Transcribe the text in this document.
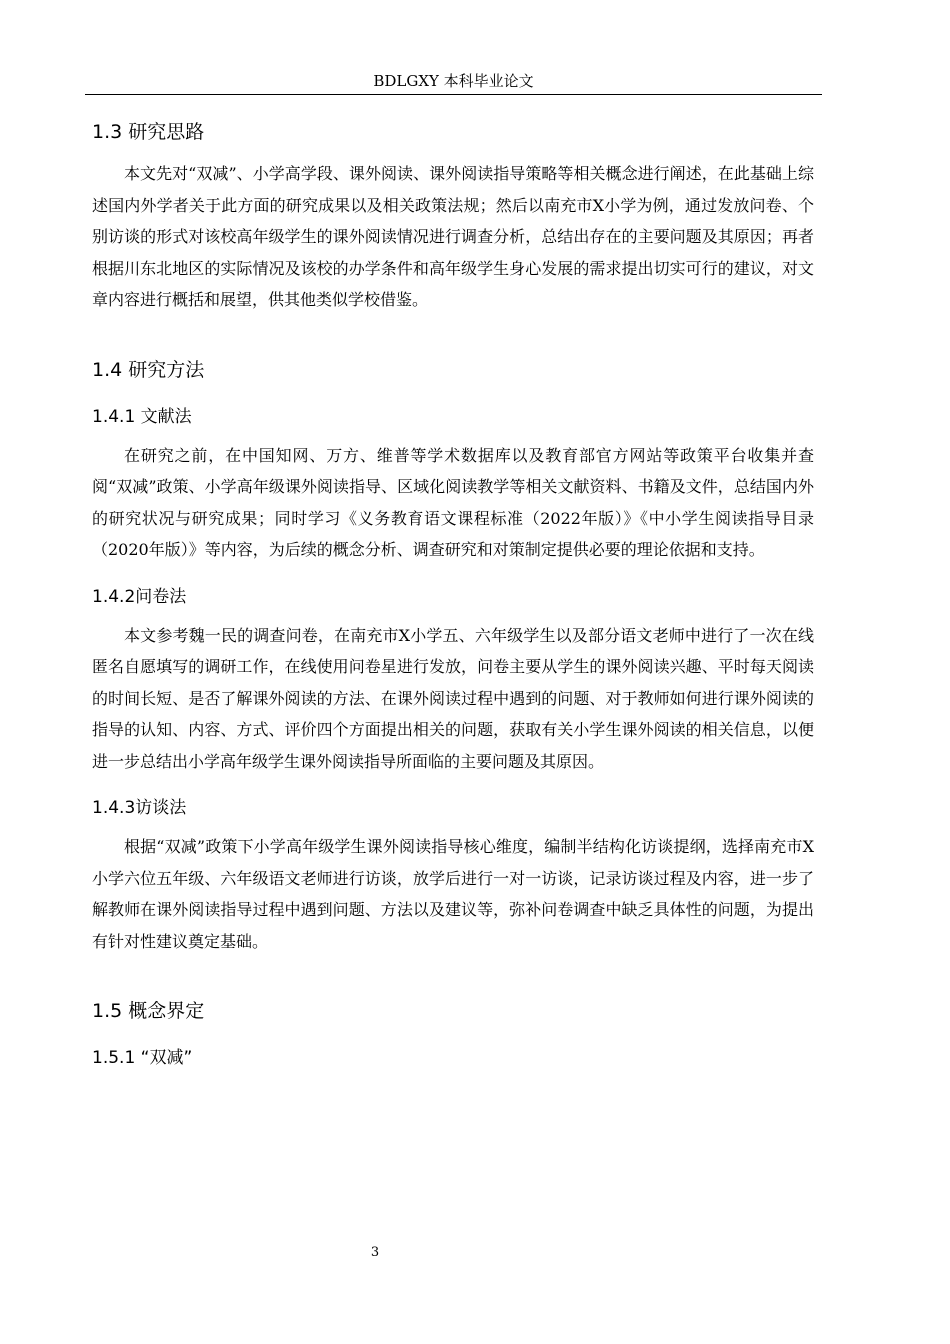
BDLGXY 本科毕业论文
1.3 研究思路

本文先对“双减”、小学高学段、课外阅读、课外阅读指导策略等相关概念进行阐述，在此基础上综述国内外学者关于此方面的研究成果以及相关政策法规；然后以南充市X小学为例，通过发放问卷、个别访谈的形式对该校高年级学生的课外阅读情况进行调查分析，总结出存在的主要问题及其原因；再者根据川东北地区的实际情况及该校的办学条件和高年级学生身心发展的需求提出切实可行的建议，对文章内容进行概括和展望，供其他类似学校借鉴。

1.4 研究方法
1.4.1 文献法

在研究之前，在中国知网、万方、维普等学术数据库以及教育部官方网站等政策平台收集并查阅“双减”政策、小学高年级课外阅读指导、区域化阅读教学等相关文献资料、书籍及文件，总结国内外的研究状况与研究成果；同时学习《义务教育语文课程标准（2022年版）》《中小学生阅读指导目录（2020年版）》等内容，为后续的概念分析、调查研究和对策制定提供必要的理论依据和支持。

1.4.2问卷法

本文参考魏一民的调查问卷，在南充市X小学五、六年级学生以及部分语文老师中进行了一次在线匿名自愿填写的调研工作，在线使用问卷星进行发放，问卷主要从学生的课外阅读兴趣、平时每天阅读的时间长短、是否了解课外阅读的方法、在课外阅读过程中遇到的问题、对于教师如何进行课外阅读的指导的认知、内容、方式、评价四个方面提出相关的问题，获取有关小学生课外阅读的相关信息，以便进一步总结出小学高年级学生课外阅读指导所面临的主要问题及其原因。

1.4.3访谈法

根据“双减”政策下小学高年级学生课外阅读指导核心维度，编制半结构化访谈提纲，选择南充市X小学六位五年级、六年级语文老师进行访谈，放学后进行一对一访谈，记录访谈过程及内容，进一步了解教师在课外阅读指导过程中遇到问题、方法以及建议等，弥补问卷调查中缺乏具体性的问题，为提出有针对性建议奠定基础。

1.5 概念界定
1.5.1 “双减”
3
